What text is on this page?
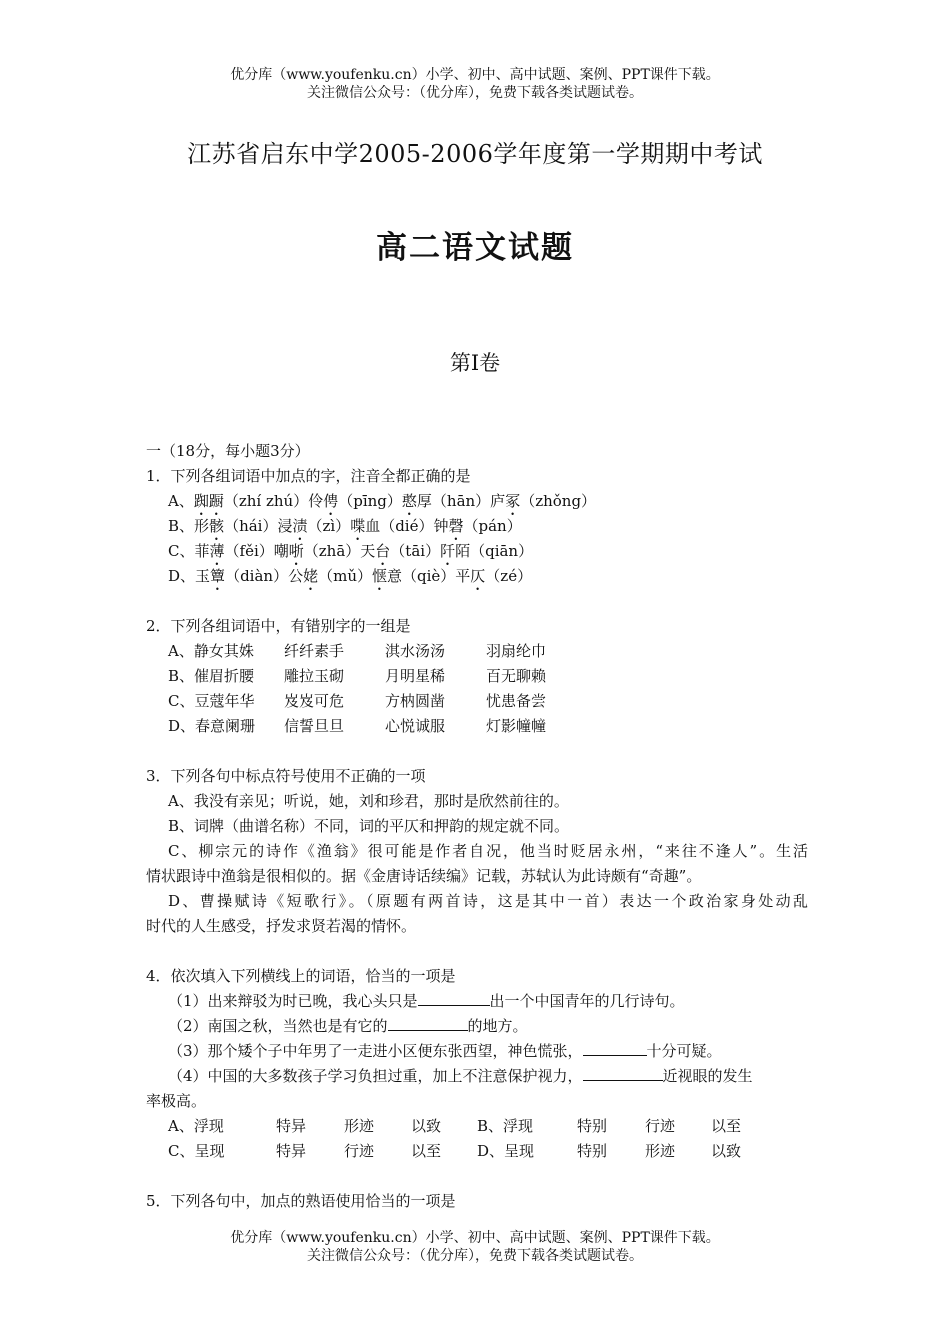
优分库（www.youfenku.cn）小学、初中、高中试题、案例、PPT课件下载。
关注微信公众号：（优分库），免费下载各类试题试卷。
江苏省启东中学2005-2006学年度第一学期期中考试
高二语文试题
第Ⅰ卷
一（18分，每小题3分）
1．下列各组词语中加点的字，注音全都正确的是
A、踟蹰（zhí zhú）伶俜（pīng）憨厚（hān）庐冢（zhǒng）
B、形骸（hái）浸渍（zì）喋血（dié）钟磬（pán）
C、菲薄（fěi）嘲哳（zhā）天台（tāi）阡陌（qiān）
D、玉簟（diàn）公姥（mǔ）惬意（qiè）平仄（zé）
2．下列各组词语中，有错别字的一组是
A、静女其姝 纤纤素手	淇水汤汤	羽扇纶巾
B、催眉折腰 雕拉玉砌	月明星稀	百无聊赖
C、豆蔻年华 岌岌可危	方枘圆凿	忧患备尝
D、春意阑珊 信誓旦旦	心悦诚服	灯影幢幢
3．下列各句中标点符号使用不正确的一项
A、我没有亲见；听说，她，刘和珍君，那时是欣然前往的。
B、词牌（曲谱名称）不同，词的平仄和押韵的规定就不同。
C、柳宗元的诗作《渔翁》很可能是作者自况，他当时贬居永州，“来往不逢人”。生活
情状跟诗中渔翁是很相似的。据《金唐诗话续编》记载，苏轼认为此诗颇有“奇趣”。
D、曹操赋诗《短歌行》。（原题有两首诗，这是其中一首）表达一个政治家身处动乱
时代的人生感受，抒发求贤若渴的情怀。
4．依次填入下列横线上的词语，恰当的一项是
（1）出来辩驳为时已晚，我心头只是	出一个中国青年的几行诗句。
（2）南国之秋，当然也是有它的	的地方。
（3）那个矮个子中年男了一走进小区便东张西望，神色慌张，	十分可疑。
（4）中国的大多数孩子学习负担过重，加上不注意保护视力，	近视眼的发生
率极高。
A、浮现	特异	形迹 以致 B、浮现	特别	行迹 以至
C、呈现	特异	行迹 以至 D、呈现	特别	形迹 以致
5．下列各句中，加点的熟语使用恰当的一项是
优分库（www.youfenku.cn）小学、初中、高中试题、案例、PPT课件下载。
关注微信公众号：（优分库），免费下载各类试题试卷。
